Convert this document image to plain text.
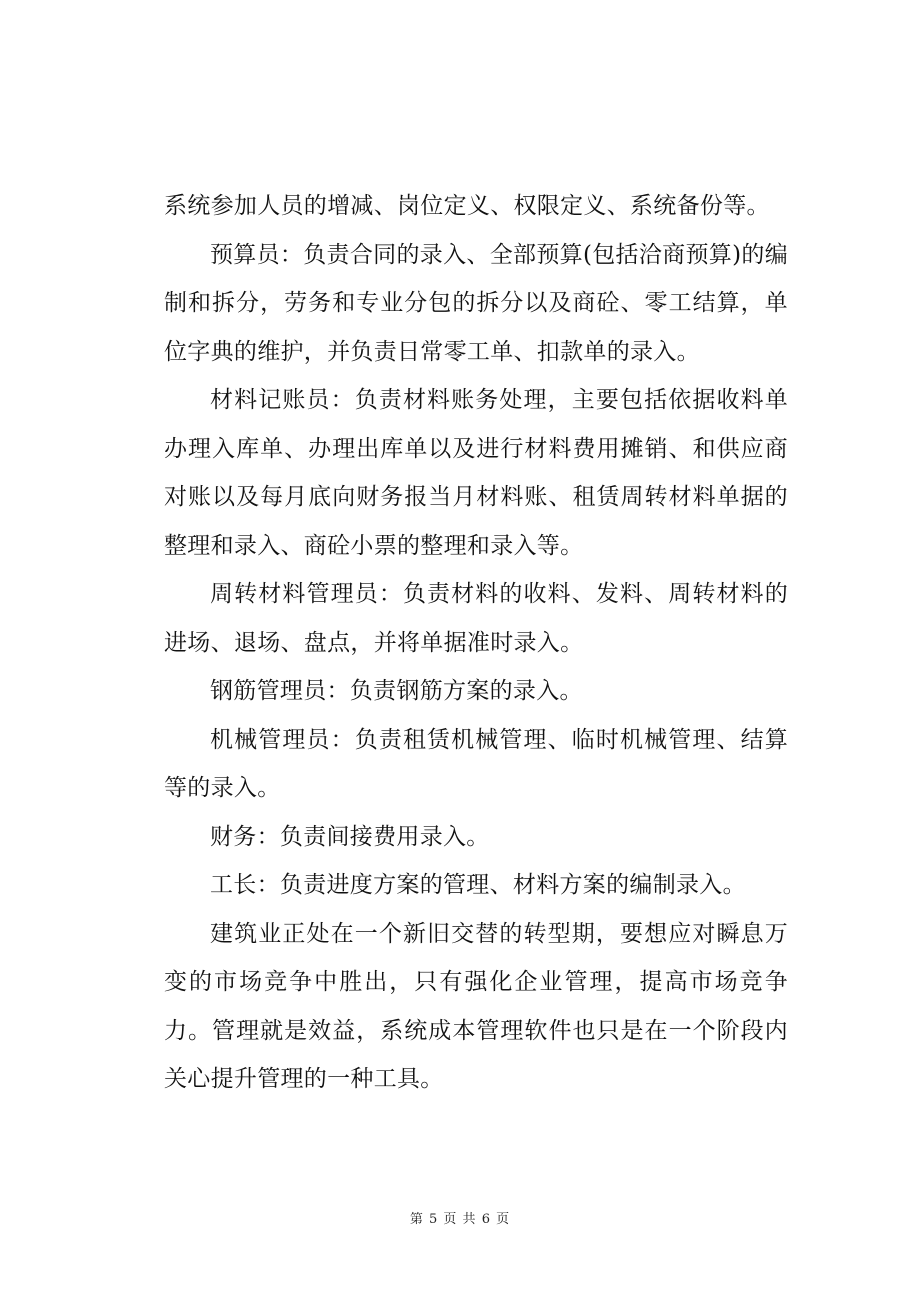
系统参加人员的增减、岗位定义、权限定义、系统备份等。

预算员：负责合同的录入、全部预算(包括洽商预算)的编制和拆分，劳务和专业分包的拆分以及商砼、零工结算，单位字典的维护，并负责日常零工单、扣款单的录入。

材料记账员：负责材料账务处理，主要包括依据收料单办理入库单、办理出库单以及进行材料费用摊销、和供应商对账以及每月底向财务报当月材料账、租赁周转材料单据的整理和录入、商砼小票的整理和录入等。

周转材料管理员：负责材料的收料、发料、周转材料的进场、退场、盘点，并将单据准时录入。

钢筋管理员：负责钢筋方案的录入。

机械管理员：负责租赁机械管理、临时机械管理、结算等的录入。

财务：负责间接费用录入。

工长：负责进度方案的管理、材料方案的编制录入。

建筑业正处在一个新旧交替的转型期，要想应对瞬息万变的市场竞争中胜出，只有强化企业管理，提高市场竞争力。管理就是效益，系统成本管理软件也只是在一个阶段内关心提升管理的一种工具。

第 5 页 共 6 页
